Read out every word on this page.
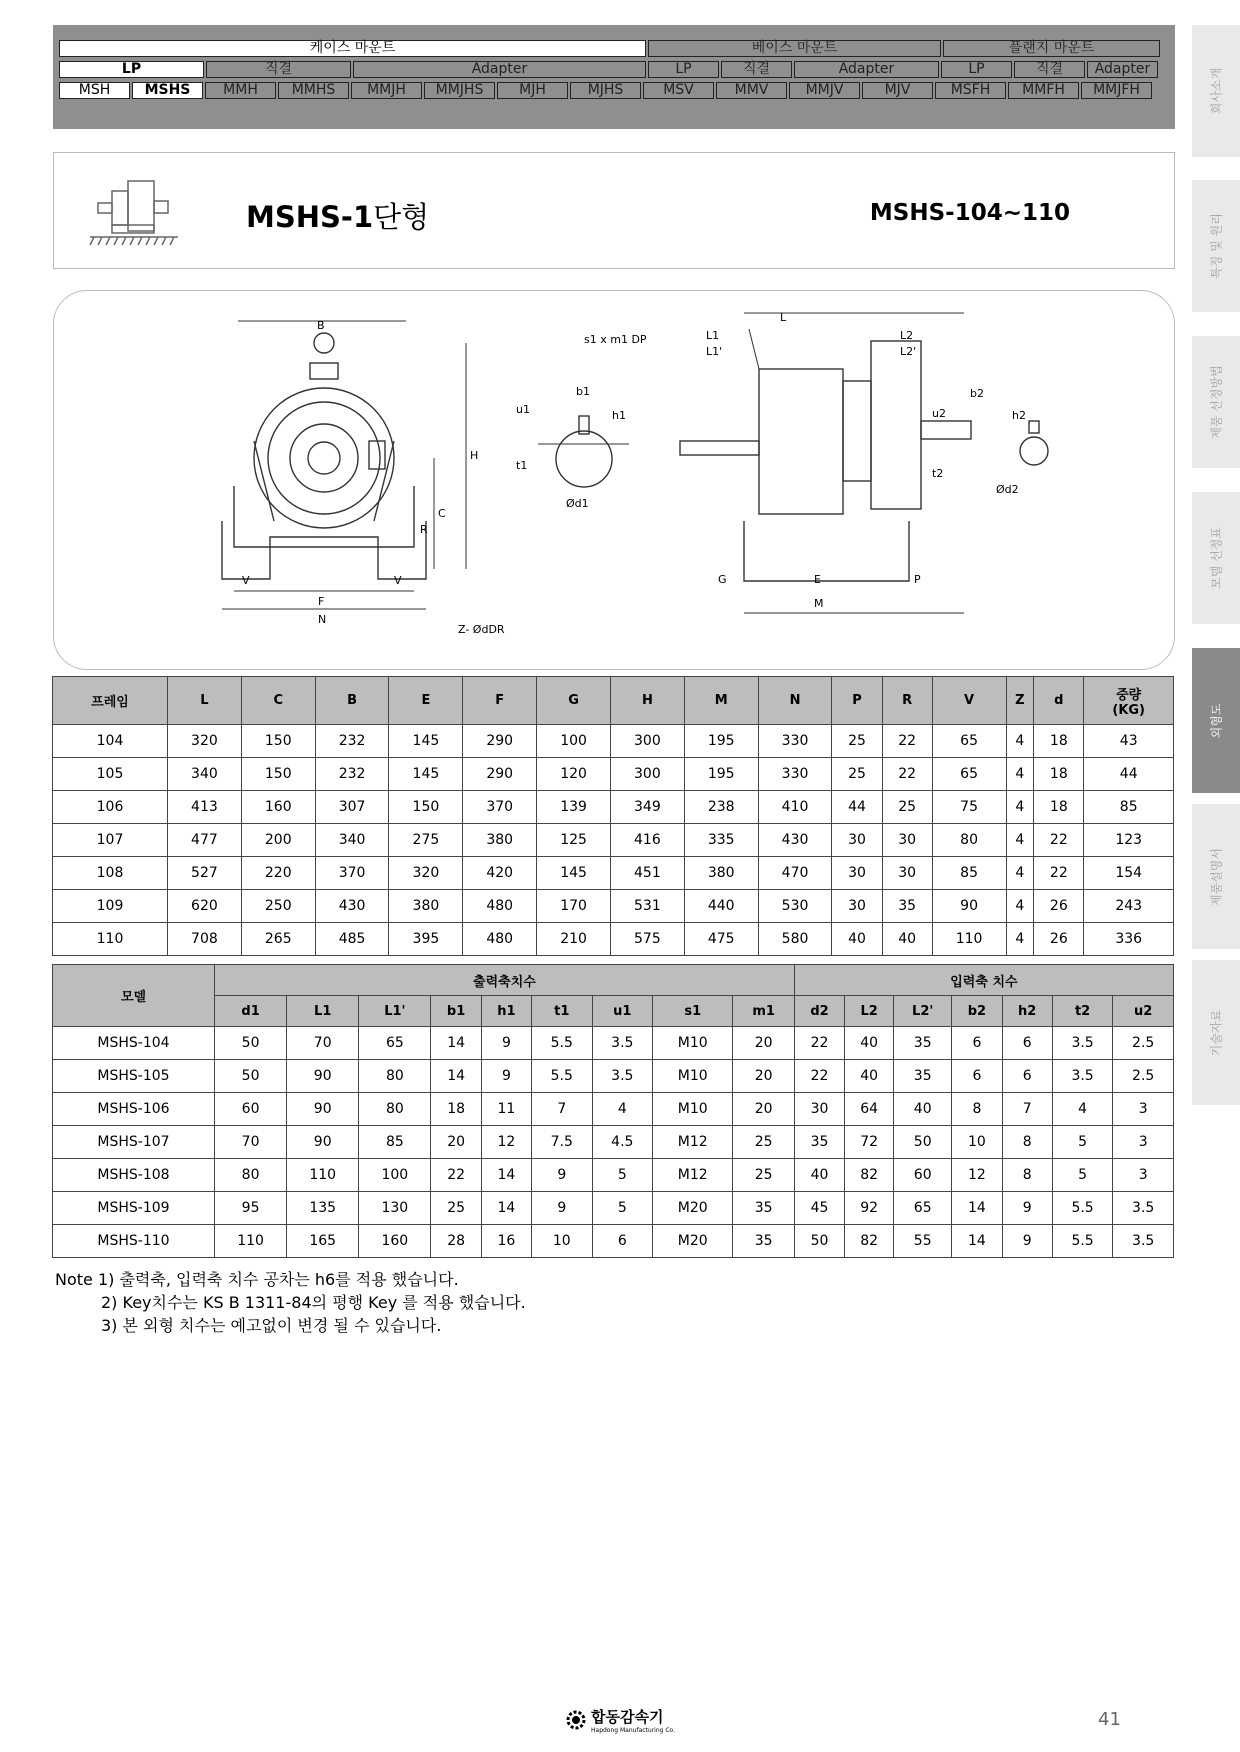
케이스 마운트	베이스 마운트	플랜지 마운트
LP	직결	Adapter	LP	직결	Adapter	LP	직결	Adapter
MSH	MSHS	MMH	MMHS	MMJH	MMJHS	MJH	MJHS	MSV	MMV	MMJV	MJV	MSFH	MMFH	MMJFH
MSHS-1단형	MSHS-104~110
B
H
C
R
V	V
F
N
Z- ØdDR
s1 x m1 DP
u1
t1
b1
h1
Ød1
L
L1
L1'
L2
L2'
G	E	P
M
u2
t2
b2
h2
Ød2
회사소개
특징 및 원리
제품 선정방법
모델 선정표
외형도
제품설명서
기술자료
프레임	L	C	B	E	F	G	H	M	N	P	R	V	Z	d	중량
(KG)
104	320	150	232	145	290	100	300	195	330	25	22	65	4	18	43
105	340	150	232	145	290	120	300	195	330	25	22	65	4	18	44
106	413	160	307	150	370	139	349	238	410	44	25	75	4	18	85
107	477	200	340	275	380	125	416	335	430	30	30	80	4	22	123
108	527	220	370	320	420	145	451	380	470	30	30	85	4	22	154
109	620	250	430	380	480	170	531	440	530	30	35	90	4	26	243
110	708	265	485	395	480	210	575	475	580	40	40	110	4	26	336
모델	출력축치수									입력축 치수						
	d1	L1	L1'	b1	h1	t1	u1	s1	m1	d2	L2	L2'	b2	h2	t2	u2
MSHS-104	50	70	65	14	9	5.5	3.5	M10	20	22	40	35	6	6	3.5	2.5
MSHS-105	50	90	80	14	9	5.5	3.5	M10	20	22	40	35	6	6	3.5	2.5
MSHS-106	60	90	80	18	11	7	4	M10	20	30	64	40	8	7	4	3
MSHS-107	70	90	85	20	12	7.5	4.5	M12	25	35	72	50	10	8	5	3
MSHS-108	80	110	100	22	14	9	5	M12	25	40	82	60	12	8	5	3
MSHS-109	95	135	130	25	14	9	5	M20	35	45	92	65	14	9	5.5	3.5
MSHS-110	110	165	160	28	16	10	6	M20	35	50	82	55	14	9	5.5	3.5
Note 1) 출력축, 입력축 치수 공차는 h6를 적용 했습니다.
2) Key치수는 KS B 1311-84의 평행 Key 를 적용 했습니다.
3) 본 외형 치수는 예고없이 변경 될 수 있습니다.
합동감속기
Hapdong Manufacturing Co.
41
